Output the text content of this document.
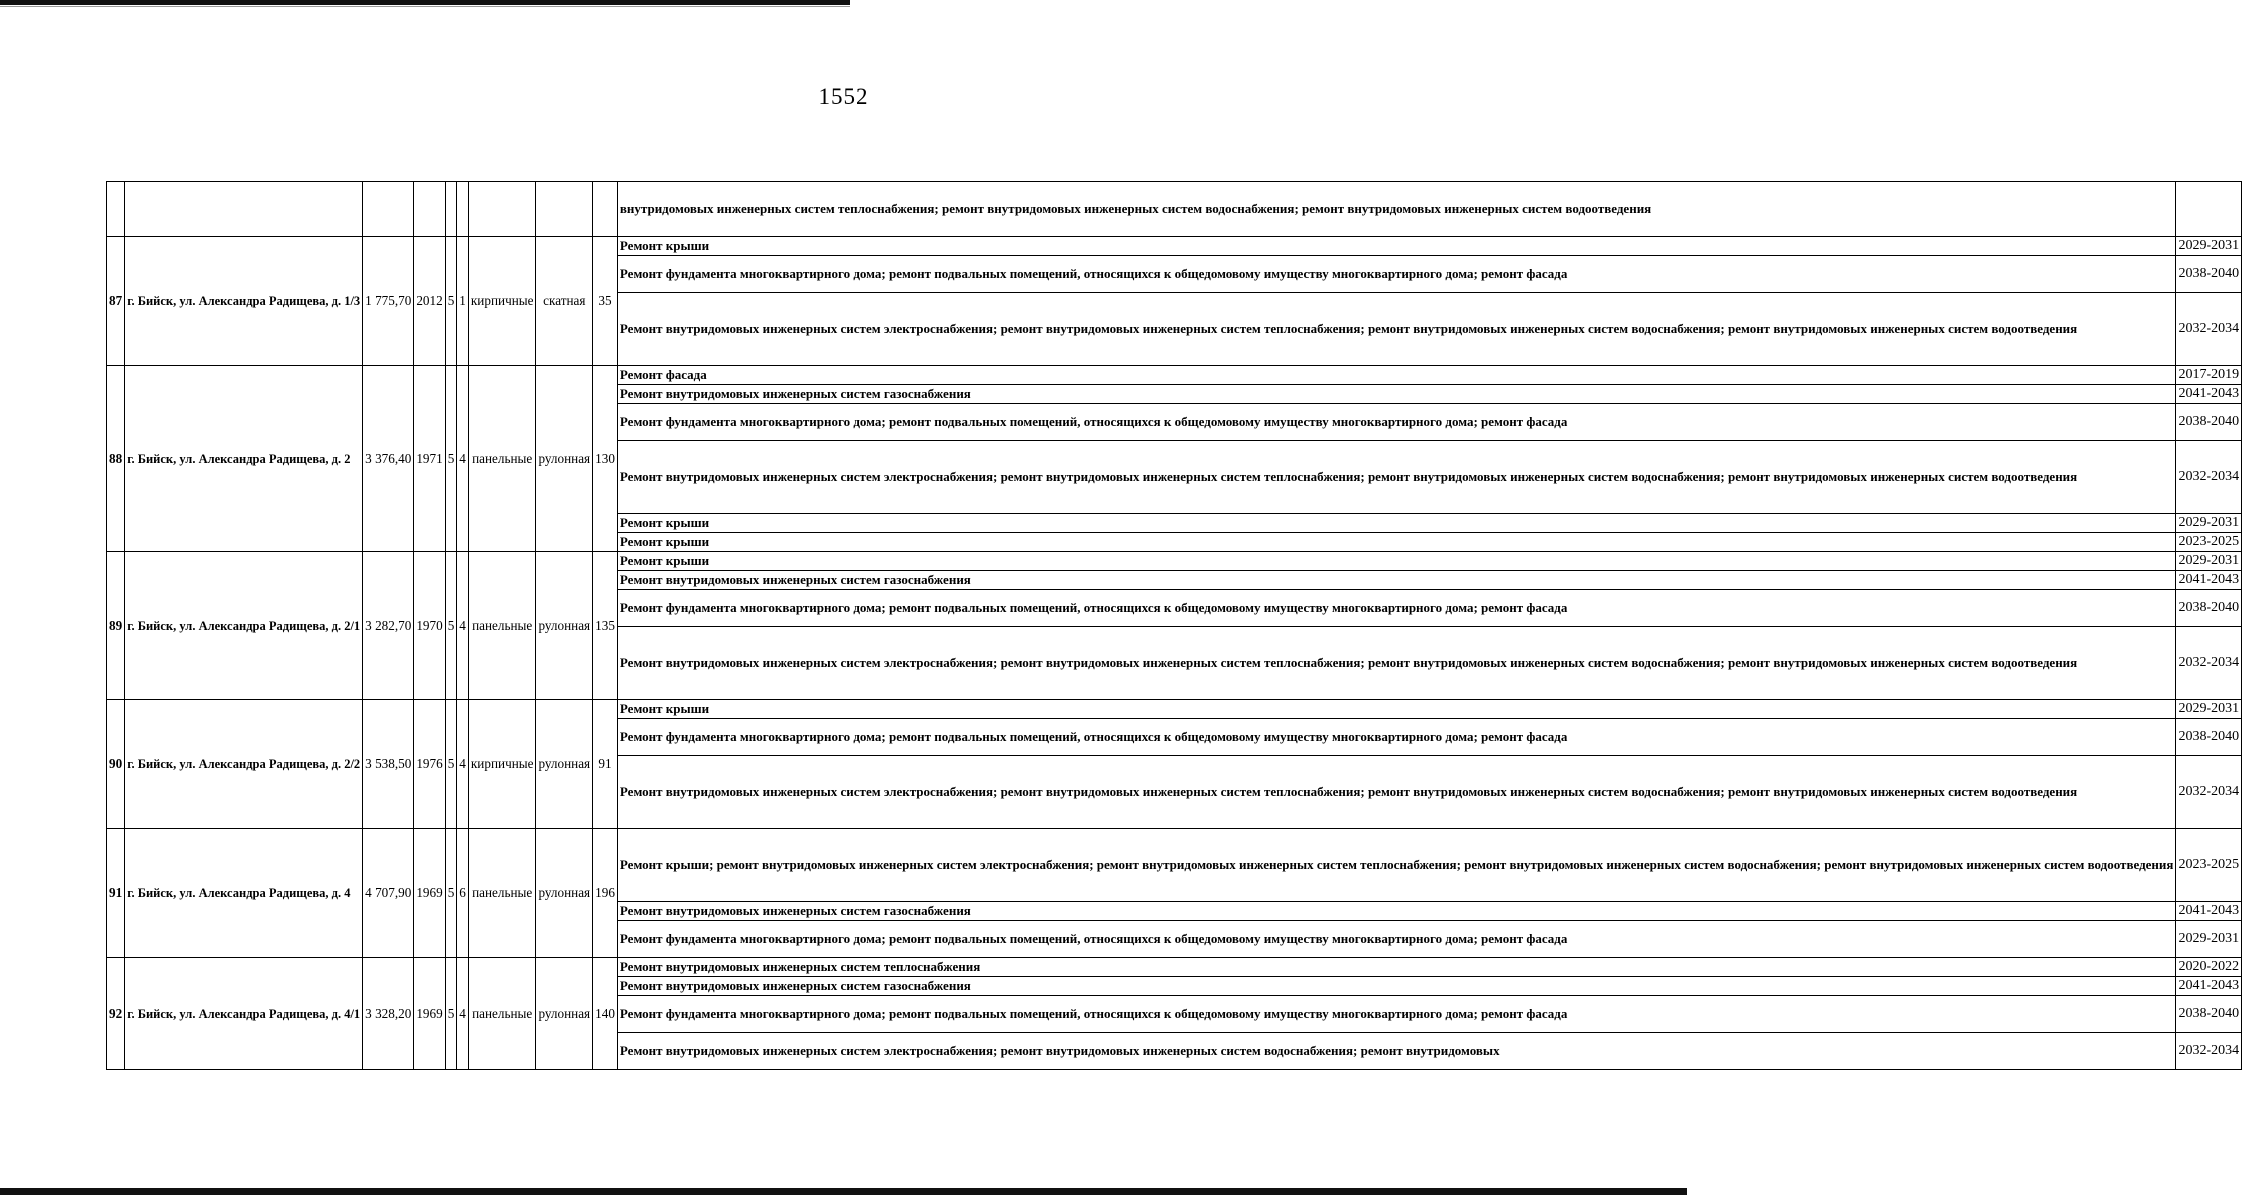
1552
									внутридомовых инженерных систем теплоснабжения; ремонт внутридомовых инженерных систем водоснабжения; ремонт внутридомовых инженерных систем водоотведения	
87	г. Бийск, ул. Александра Радищева, д. 1/3	1 775,70	2012	5	1	кирпичные	скатная	35	Ремонт крыши	2029-2031
									Ремонт фундамента многоквартирного дома; ремонт подвальных помещений, относящихся к общедомовому имуществу многоквартирного дома; ремонт фасада	2038-2040
									Ремонт внутридомовых инженерных систем электроснабжения; ремонт внутридомовых инженерных систем теплоснабжения; ремонт внутридомовых инженерных систем водоснабжения; ремонт внутридомовых инженерных систем водоотведения	2032-2034
88	г. Бийск, ул. Александра Радищева, д. 2	3 376,40	1971	5	4	панельные	рулонная	130	Ремонт фасада	2017-2019
									Ремонт внутридомовых инженерных систем газоснабжения	2041-2043
									Ремонт фундамента многоквартирного дома; ремонт подвальных помещений, относящихся к общедомовому имуществу многоквартирного дома; ремонт фасада	2038-2040
									Ремонт внутридомовых инженерных систем электроснабжения; ремонт внутридомовых инженерных систем теплоснабжения; ремонт внутридомовых инженерных систем водоснабжения; ремонт внутридомовых инженерных систем водоотведения	2032-2034
									Ремонт крыши	2029-2031
									Ремонт крыши	2023-2025
89	г. Бийск, ул. Александра Радищева, д. 2/1	3 282,70	1970	5	4	панельные	рулонная	135	Ремонт крыши	2029-2031
									Ремонт внутридомовых инженерных систем газоснабжения	2041-2043
									Ремонт фундамента многоквартирного дома; ремонт подвальных помещений, относящихся к общедомовому имуществу многоквартирного дома; ремонт фасада	2038-2040
									Ремонт внутридомовых инженерных систем электроснабжения; ремонт внутридомовых инженерных систем теплоснабжения; ремонт внутридомовых инженерных систем водоснабжения; ремонт внутридомовых инженерных систем водоотведения	2032-2034
90	г. Бийск, ул. Александра Радищева, д. 2/2	3 538,50	1976	5	4	кирпичные	рулонная	91	Ремонт крыши	2029-2031
									Ремонт фундамента многоквартирного дома; ремонт подвальных помещений, относящихся к общедомовому имуществу многоквартирного дома; ремонт фасада	2038-2040
									Ремонт внутридомовых инженерных систем электроснабжения; ремонт внутридомовых инженерных систем теплоснабжения; ремонт внутридомовых инженерных систем водоснабжения; ремонт внутридомовых инженерных систем водоотведения	2032-2034
91	г. Бийск, ул. Александра Радищева, д. 4	4 707,90	1969	5	6	панельные	рулонная	196	Ремонт крыши; ремонт внутридомовых инженерных систем электроснабжения; ремонт внутридомовых инженерных систем теплоснабжения; ремонт внутридомовых инженерных систем водоснабжения; ремонт внутридомовых инженерных систем водоотведения	2023-2025
									Ремонт внутридомовых инженерных систем газоснабжения	2041-2043
									Ремонт фундамента многоквартирного дома; ремонт подвальных помещений, относящихся к общедомовому имуществу многоквартирного дома; ремонт фасада	2029-2031
92	г. Бийск, ул. Александра Радищева, д. 4/1	3 328,20	1969	5	4	панельные	рулонная	140	Ремонт внутридомовых инженерных систем теплоснабжения	2020-2022
									Ремонт внутридомовых инженерных систем газоснабжения	2041-2043
									Ремонт фундамента многоквартирного дома; ремонт подвальных помещений, относящихся к общедомовому имуществу многоквартирного дома; ремонт фасада	2038-2040
									Ремонт внутридомовых инженерных систем электроснабжения; ремонт внутридомовых инженерных систем водоснабжения; ремонт внутридомовых	2032-2034
